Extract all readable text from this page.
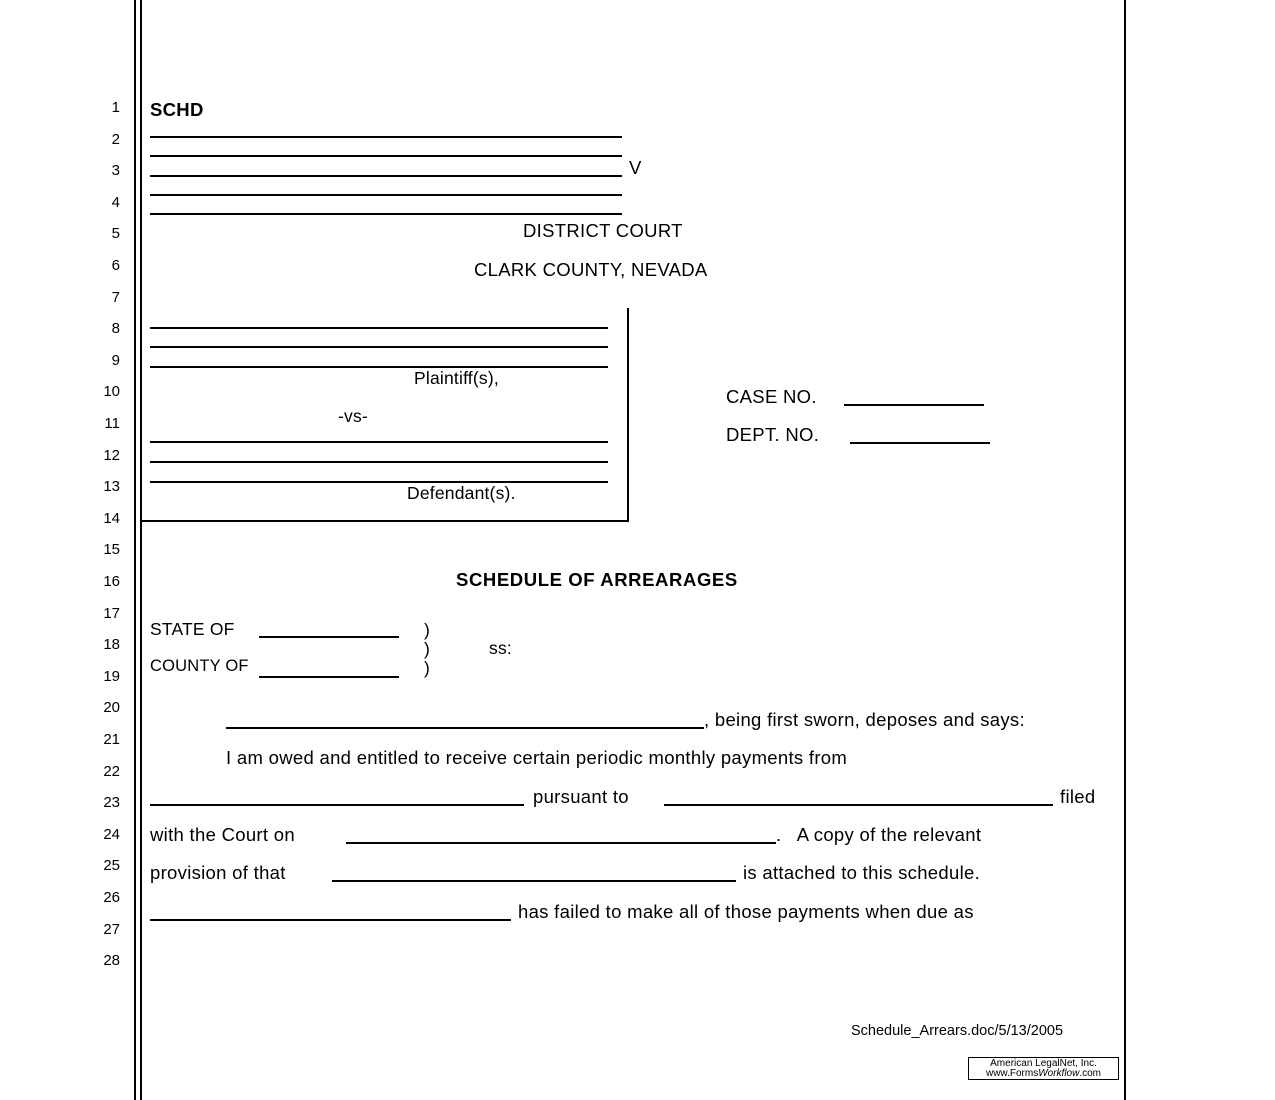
1
2
3
4
5
6
7
8
9
10
11
12
13
14
15
16
17
18
19
20
21
22
23
24
25
26
27
28
SCHD
V
DISTRICT COURT
CLARK COUNTY, NEVADA
Plaintiff(s),
-vs-
Defendant(s).
CASE NO.
DEPT. NO.
SCHEDULE OF ARREARAGES
STATE OF	)
)	ss:
COUNTY OF	)
, being first sworn, deposes and says:
I am owed and entitled to receive certain periodic monthly payments from
pursuant to	filed
with the Court on	.   A copy of the relevant
provision of that	is attached to this schedule.
has failed to make all of those payments when due as
Schedule_Arrears.doc/5/13/2005
American LegalNet, Inc.
www.FormsWorkflow.com
